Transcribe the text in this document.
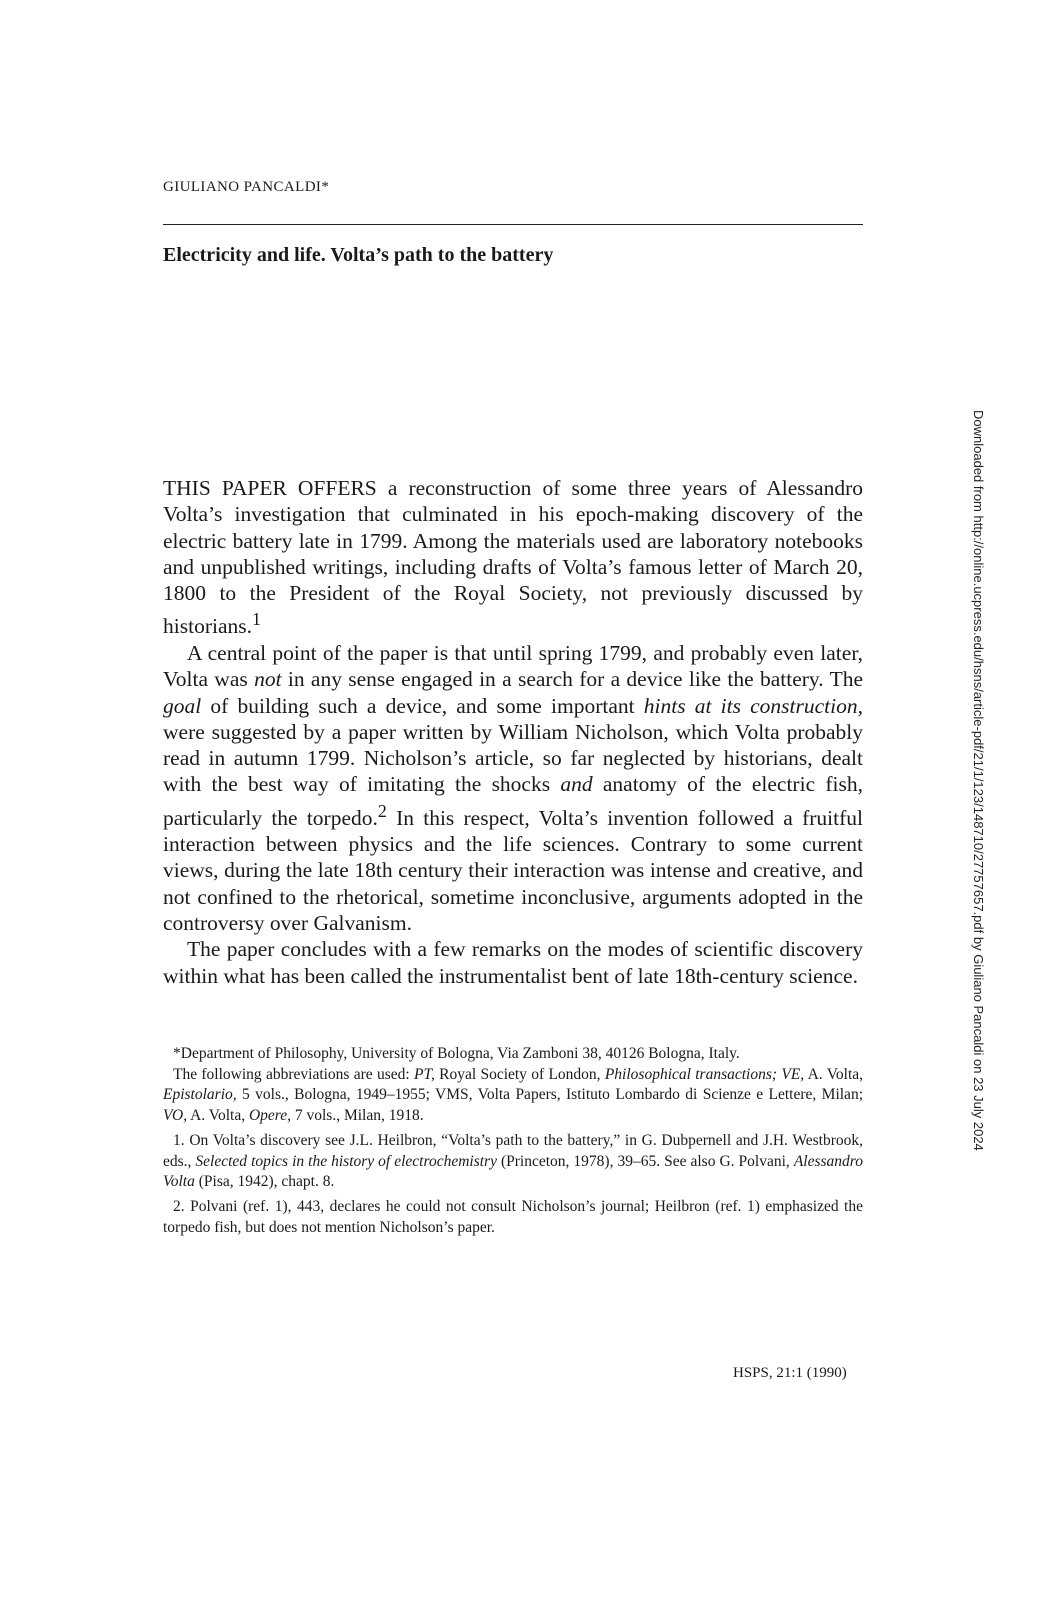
GIULIANO PANCALDI*
Electricity and life. Volta’s path to the battery

THIS PAPER OFFERS a reconstruction of some three years of Alessandro Volta’s investigation that culminated in his epoch-making discovery of the electric battery late in 1799. Among the materials used are laboratory notebooks and unpublished writings, including drafts of Volta’s famous letter of March 20, 1800 to the President of the Royal Society, not previously discussed by historians.$^1$

A central point of the paper is that until spring 1799, and probably even later, Volta was not in any sense engaged in a search for a device like the battery. The goal of building such a device, and some important hints at its construction, were suggested by a paper written by William Nicholson, which Volta probably read in autumn 1799. Nicholson’s article, so far neglected by historians, dealt with the best way of imitating the shocks and anatomy of the electric fish, particularly the torpedo.$^2$ In this respect, Volta’s invention followed a fruitful interaction between physics and the life sciences. Contrary to some current views, during the late 18th century their interaction was intense and creative, and not confined to the rhetorical, sometime inconclusive, arguments adopted in the controversy over Galvanism.

The paper concludes with a few remarks on the modes of scientific discovery within what has been called the instrumentalist bent of late 18th-century science.

*Department of Philosophy, University of Bologna, Via Zamboni 38, 40126 Bologna, Italy.

The following abbreviations are used: PT, Royal Society of London, Philosophical transactions; VE, A. Volta, Epistolario, 5 vols., Bologna, 1949–1955; VMS, Volta Papers, Istituto Lombardo di Scienze e Lettere, Milan; VO, A. Volta, Opere, 7 vols., Milan, 1918.

1. On Volta’s discovery see J.L. Heilbron, “Volta’s path to the battery,” in G. Dubpernell and J.H. Westbrook, eds., Selected topics in the history of electrochemistry (Princeton, 1978), 39–65. See also G. Polvani, Alessandro Volta (Pisa, 1942), chapt. 8.

2. Polvani (ref. 1), 443, declares he could not consult Nicholson’s journal; Heilbron (ref. 1) emphasized the torpedo fish, but does not mention Nicholson’s paper.

HSPS, 21:1 (1990)
Downloaded from http://online.ucpress.edu/hsns/article-pdf/21/1/123/148710/27757657.pdf by Giuliano Pancaldi on 23 July 2024
